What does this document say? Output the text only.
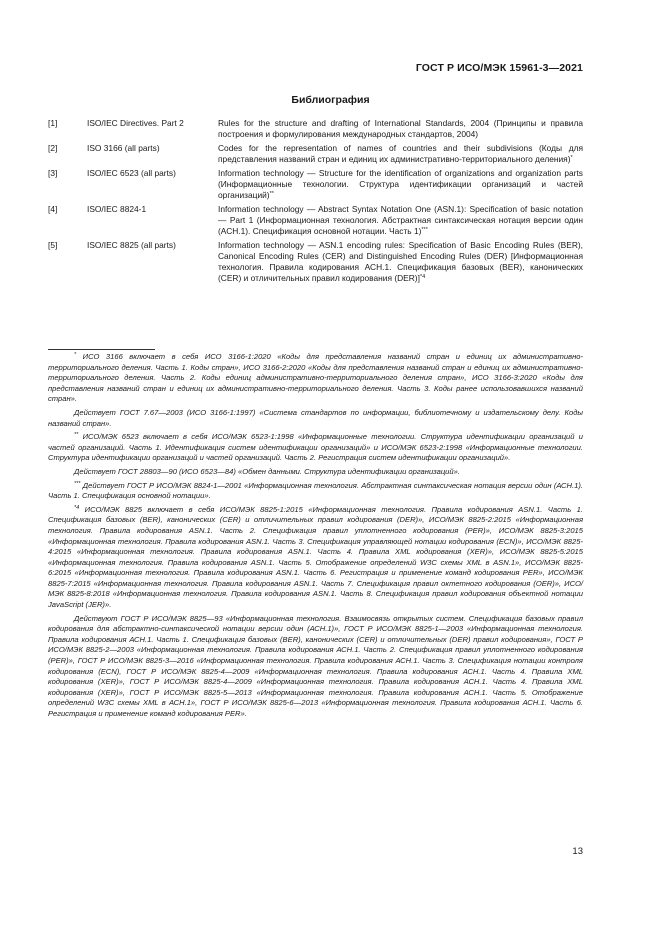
ГОСТ Р ИСО/МЭК 15961-3—2021
Библиография
[1]	ISO/IEC Directives. Part 2	Rules for the structure and drafting of International Standards, 2004 (Принципы и правила построения и формулирования международных стандартов, 2004)
[2]	ISO 3166 (all parts)	Codes for the representation of names of countries and their subdivisions (Коды для представления названий стран и единиц их административно-территориального деления)*
[3]	ISO/IEC 6523 (all parts)	Information technology — Structure for the identification of organizations and organization parts (Информационные технологии. Структура идентификации организаций и частей организаций)**
[4]	ISO/IEC 8824-1	Information technology — Abstract Syntax Notation One (ASN.1): Specification of basic notation — Part 1 (Информационная технология. Абстрактная синтаксическая нотация версии один (АСН.1). Спецификация основной нотации. Часть 1)***
[5]	ISO/IEC 8825 (all parts)	Information technology — ASN.1 encoding rules: Specification of Basic Encoding Rules (BER), Canonical Encoding Rules (CER) and Distinguished Encoding Rules (DER) [Информационная технология. Правила кодирования АСН.1. Спецификация базовых (BER), канонических (CER) и отличительных правил кодирования (DER)]$^{*4}$

* ИСО 3166 включает в себя ИСО 3166-1:2020 «Коды для представления названий стран и единиц их административно-территориального деления. Часть 1. Коды стран», ИСО 3166-2:2020 «Коды для представления названий стран и единиц их административно-территориального деления. Часть 2. Коды единиц административно-территориального деления стран», ИСО 3166-3:2020 «Коды для представления названий стран и единиц их административно-территориального деления. Часть 3. Коды ранее использовавшихся названий стран».

Действует ГОСТ 7.67—2003 (ИСО 3166-1:1997) «Система стандартов по информации, библиотечному и издательскому делу. Коды названий стран».

** ИСО/МЭК 6523 включает в себя ИСО/МЭК 6523-1:1998 «Информационные технологии. Структура идентификации организаций и частей организаций. Часть 1. Идентификация систем идентификации организаций» и ИСО/МЭК 6523-2:1998 «Информационные технологии. Структура идентификации организаций и частей организаций. Часть 2. Регистрация систем идентификации организаций».

Действует ГОСТ 28803—90 (ИСО 6523—84) «Обмен данными. Структура идентификации организаций».

*** Действует ГОСТ Р ИСО/МЭК 8824-1—2001 «Информационная технология. Абстрактная синтаксическая нотация версии один (АСН.1). Часть 1. Спецификация основной нотации».

$^{*4}$ ИСО/МЭК 8825 включает в себя ИСО/МЭК 8825-1:2015 «Информационная технология. Правила кодирования ASN.1. Часть 1. Спецификация базовых (BER), канонических (CER) и отличительных правил кодирования (DER)», ИСО/МЭК 8825-2:2015 «Информационная технология. Правила кодирования ASN.1. Часть 2. Спецификация правил уплотненного кодирования (PER)», ИСО/МЭК 8825-3:2015 «Информационная технология. Правила кодирования ASN.1. Часть 3. Спецификация управляющей нотации кодирования (ECN)», ИСО/МЭК 8825-4:2015 «Информационная технология. Правила кодирования ASN.1. Часть 4. Правила XML кодирования (XER)», ИСО/МЭК 8825-5:2015 «Информационная технология. Правила кодирования ASN.1. Часть 5. Отображение определений W3C схемы XML в ASN.1», ИСО/МЭК 8825-6:2015 «Информационная технология. Правила кодирования ASN.1. Часть 6. Регистрация и применение команд кодирования PER», ИСО/МЭК 8825-7:2015 «Информационная технология. Правила кодирования ASN.1. Часть 7. Спецификация правил октетного кодирования (OER)», ИСО/МЭК 8825-8:2018 «Информационная технология. Правила кодирования ASN.1. Часть 8. Спецификация правил кодирования объектной нотации JavaScript (JER)».

Действуют ГОСТ Р ИСО/МЭК 8825—93 «Информационная технология. Взаимосвязь открытых систем. Спецификация базовых правил кодирования для абстрактно-синтаксической нотации версии один (АСН.1)», ГОСТ Р ИСО/МЭК 8825-1—2003 «Информационная технология. Правила кодирования АСН.1. Часть 1. Спецификация базовых (BER), канонических (CER) и отличительных (DER) правил кодирования», ГОСТ Р ИСО/МЭК 8825-2—2003 «Информационная технология. Правила кодирования АСН.1. Часть 2. Спецификация правил уплотненного кодирования (PER)», ГОСТ Р ИСО/МЭК 8825-3—2016 «Информационная технология. Правила кодирования АСН.1. Часть 3. Спецификация нотации контроля кодирования (ECN), ГОСТ Р ИСО/МЭК 8825-4—2009 «Информационная технология. Правила кодирования АСН.1. Часть 4. Правила XML кодирования (XER)», ГОСТ Р ИСО/МЭК 8825-4—2009 «Информационная технология. Правила кодирования АСН.1. Часть 4. Правила XML кодирования (XER)», ГОСТ Р ИСО/МЭК 8825-5—2013 «Информационная технология. Правила кодирования АСН.1. Часть 5. Отображение определений W3C схемы XML в АСН.1», ГОСТ Р ИСО/МЭК 8825-6—2013 «Информационная технология. Правила кодирования АСН.1. Часть 6. Регистрация и применение команд кодирования PER».

13
